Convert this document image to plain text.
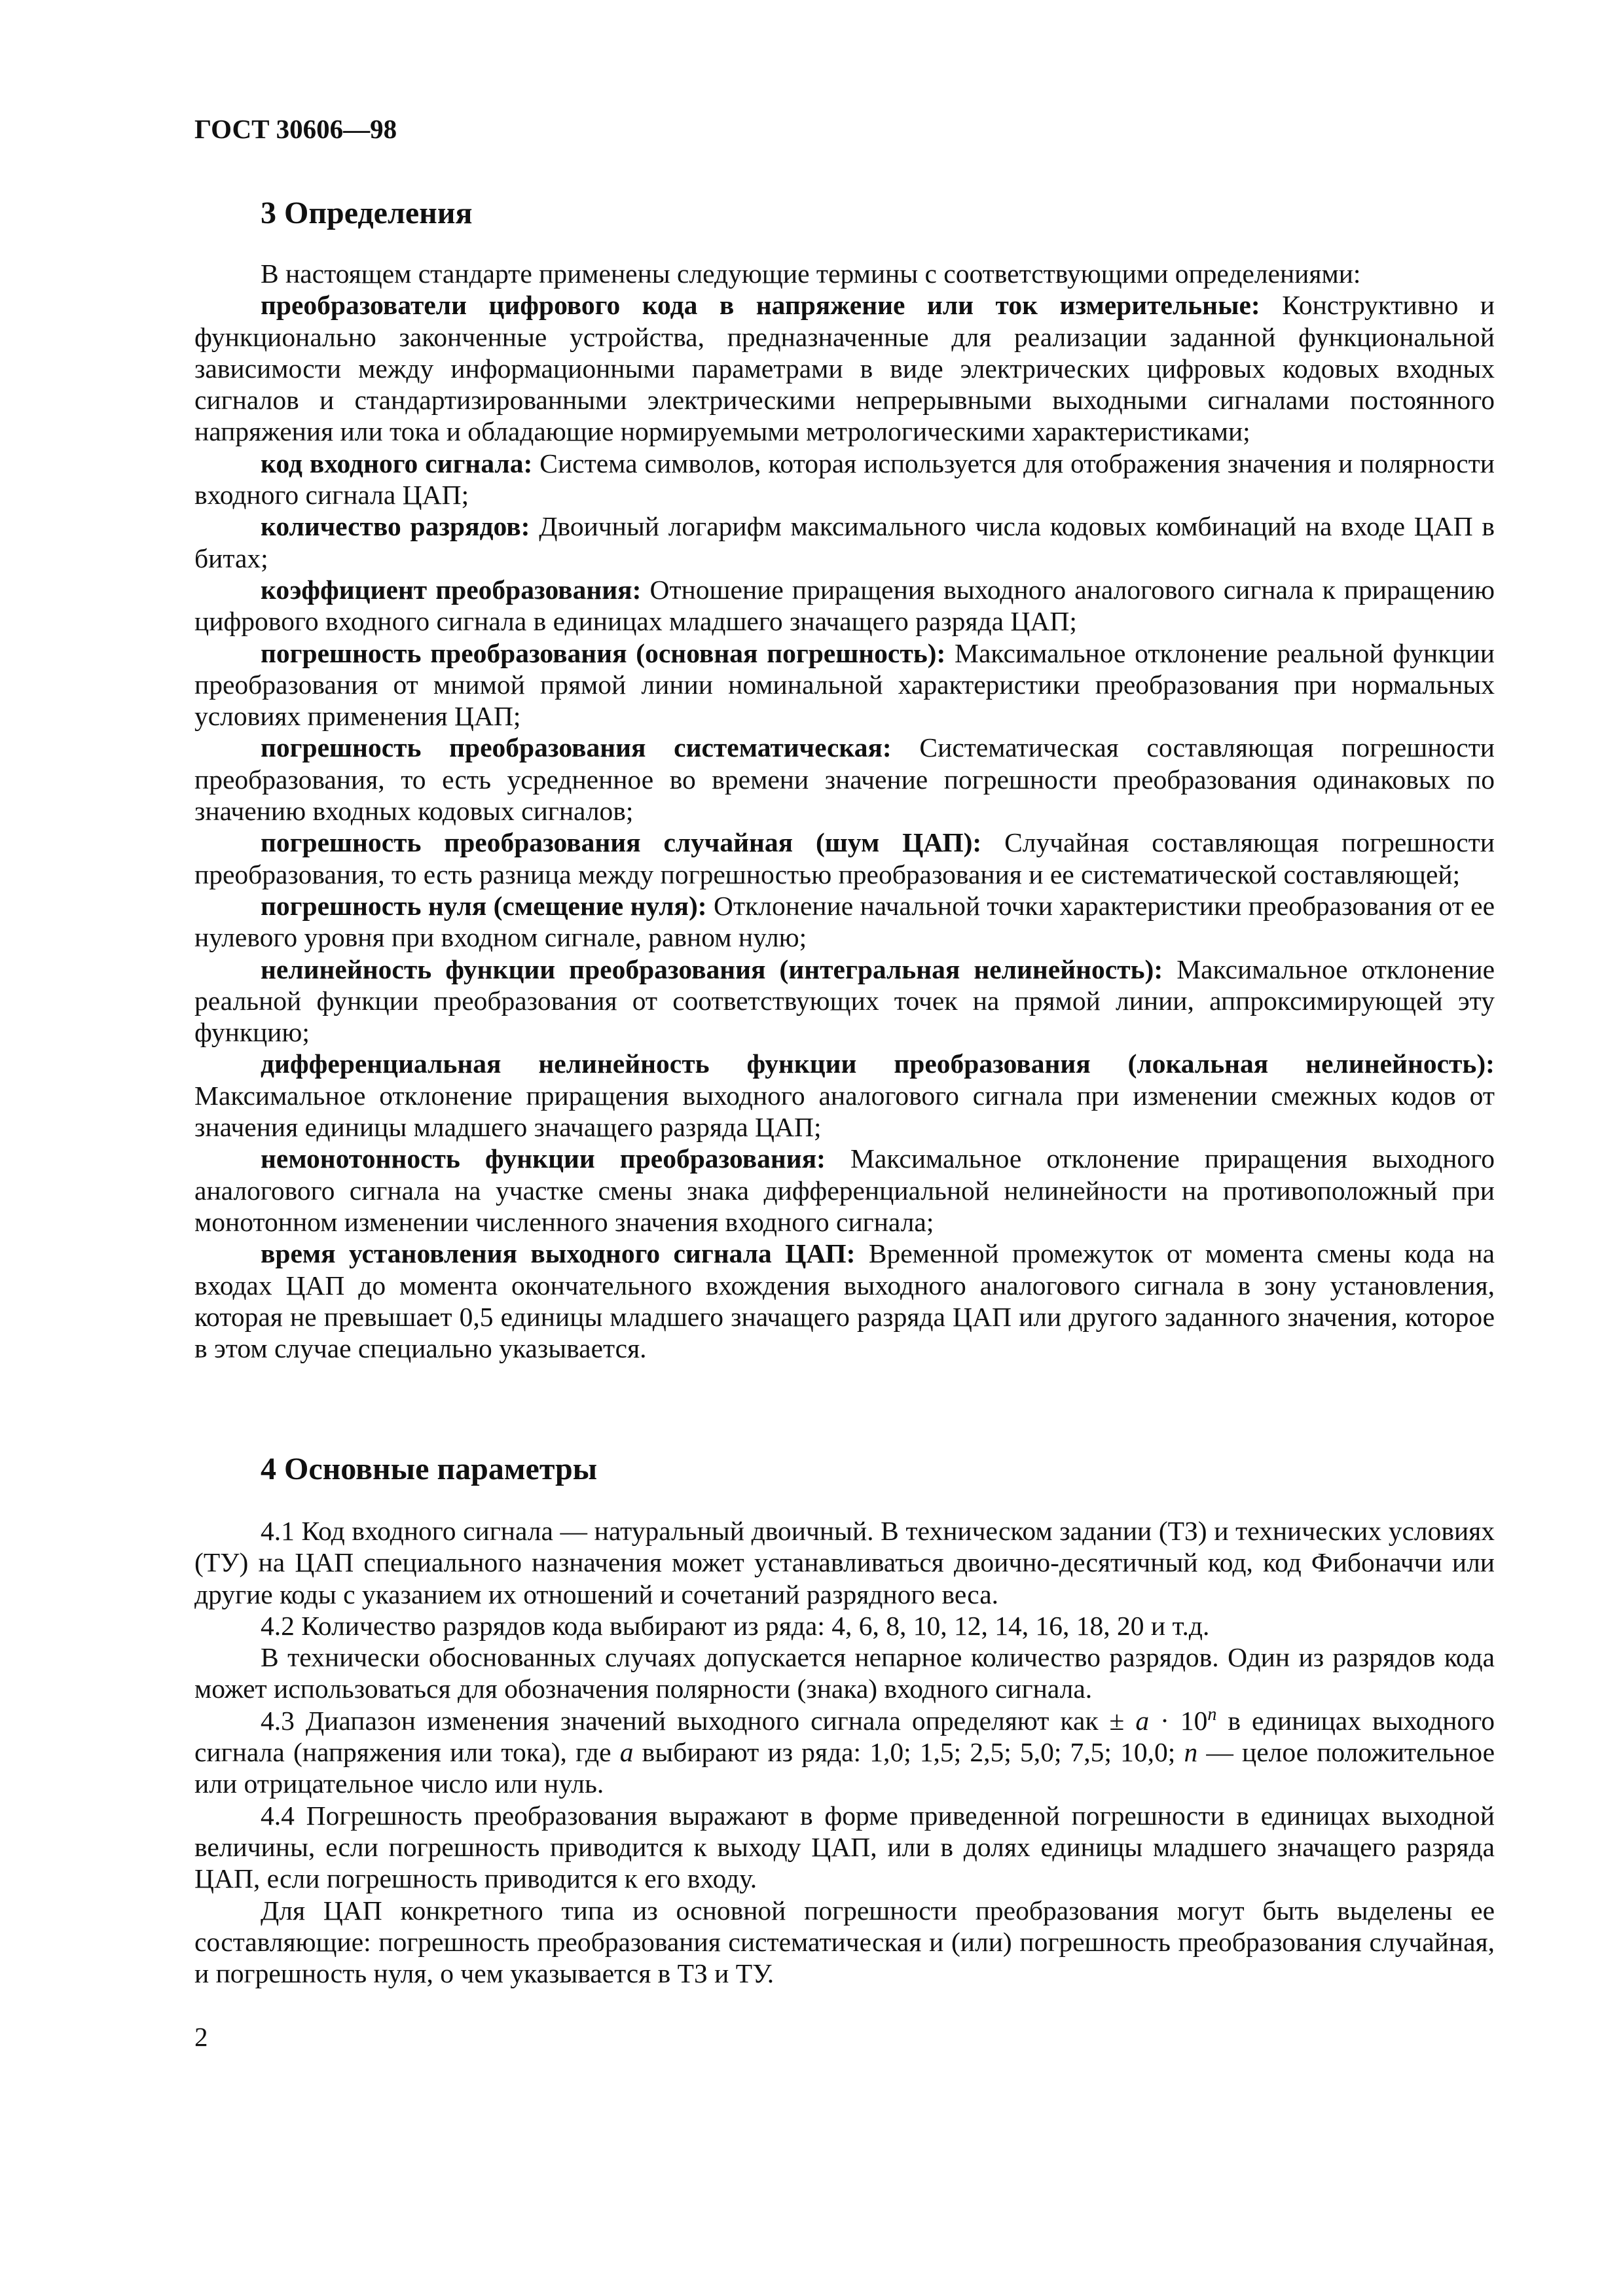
ГОСТ 30606—98
3 Определения

В настоящем стандарте применены следующие термины с соответствующими определениями:

преобразователи цифрового кода в напряжение или ток измерительные: Конструктивно и функционально законченные устройства, предназначенные для реализации заданной функциональной зависимости между информационными параметрами в виде электрических цифровых кодовых входных сигналов и стандартизированными электрическими непрерывными выходными сигналами постоянного напряжения или тока и обладающие нормируемыми метрологическими характеристиками;

код входного сигнала: Система символов, которая используется для отображения значения и полярности входного сигнала ЦАП;

количество разрядов: Двоичный логарифм максимального числа кодовых комбинаций на входе ЦАП в битах;

коэффициент преобразования: Отношение приращения выходного аналогового сигнала к приращению цифрового входного сигнала в единицах младшего значащего разряда ЦАП;

погрешность преобразования (основная погрешность): Максимальное отклонение реальной функции преобразования от мнимой прямой линии номинальной характеристики преобразования при нормальных условиях применения ЦАП;

погрешность преобразования систематическая: Систематическая составляющая погрешности преобразования, то есть усредненное во времени значение погрешности преобразования одинаковых по значению входных кодовых сигналов;

погрешность преобразования случайная (шум ЦАП): Случайная составляющая погрешности преобразования, то есть разница между погрешностью преобразования и ее систематической составляющей;

погрешность нуля (смещение нуля): Отклонение начальной точки характеристики преобразования от ее нулевого уровня при входном сигнале, равном нулю;

нелинейность функции преобразования (интегральная нелинейность): Максимальное отклонение реальной функции преобразования от соответствующих точек на прямой линии, аппроксимирующей эту функцию;

дифференциальная нелинейность функции преобразования (локальная нелинейность): Максимальное отклонение приращения выходного аналогового сигнала при изменении смежных кодов от значения единицы младшего значащего разряда ЦАП;

немонотонность функции преобразования: Максимальное отклонение приращения выходного аналогового сигнала на участке смены знака дифференциальной нелинейности на противоположный при монотонном изменении численного значения входного сигнала;

время установления выходного сигнала ЦАП: Временной промежуток от момента смены кода на входах ЦАП до момента окончательного вхождения выходного аналогового сигнала в зону установления, которая не превышает 0,5 единицы младшего значащего разряда ЦАП или другого заданного значения, которое в этом случае специально указывается.

4 Основные параметры

4.1 Код входного сигнала — натуральный двоичный. В техническом задании (ТЗ) и технических условиях (ТУ) на ЦАП специального назначения может устанавливаться двоично-десятичный код, код Фибоначчи или другие коды с указанием их отношений и сочетаний разрядного веса.

4.2 Количество разрядов кода выбирают из ряда: 4, 6, 8, 10, 12, 14, 16, 18, 20 и т.д.

В технически обоснованных случаях допускается непарное количество разрядов. Один из разрядов кода может использоваться для обозначения полярности (знака) входного сигнала.

4.3 Диапазон изменения значений выходного сигнала определяют как ± $a \cdot 10^n$ в единицах выходного сигнала (напряжения или тока), где a выбирают из ряда: 1,0; 1,5; 2,5; 5,0; 7,5; 10,0; n — целое положительное или отрицательное число или нуль.

4.4 Погрешность преобразования выражают в форме приведенной погрешности в единицах выходной величины, если погрешность приводится к выходу ЦАП, или в долях единицы младшего значащего разряда ЦАП, если погрешность приводится к его входу.

Для ЦАП конкретного типа из основной погрешности преобразования могут быть выделены ее составляющие: погрешность преобразования систематическая и (или) погрешность преобразования случайная, и погрешность нуля, о чем указывается в ТЗ и ТУ.

2
